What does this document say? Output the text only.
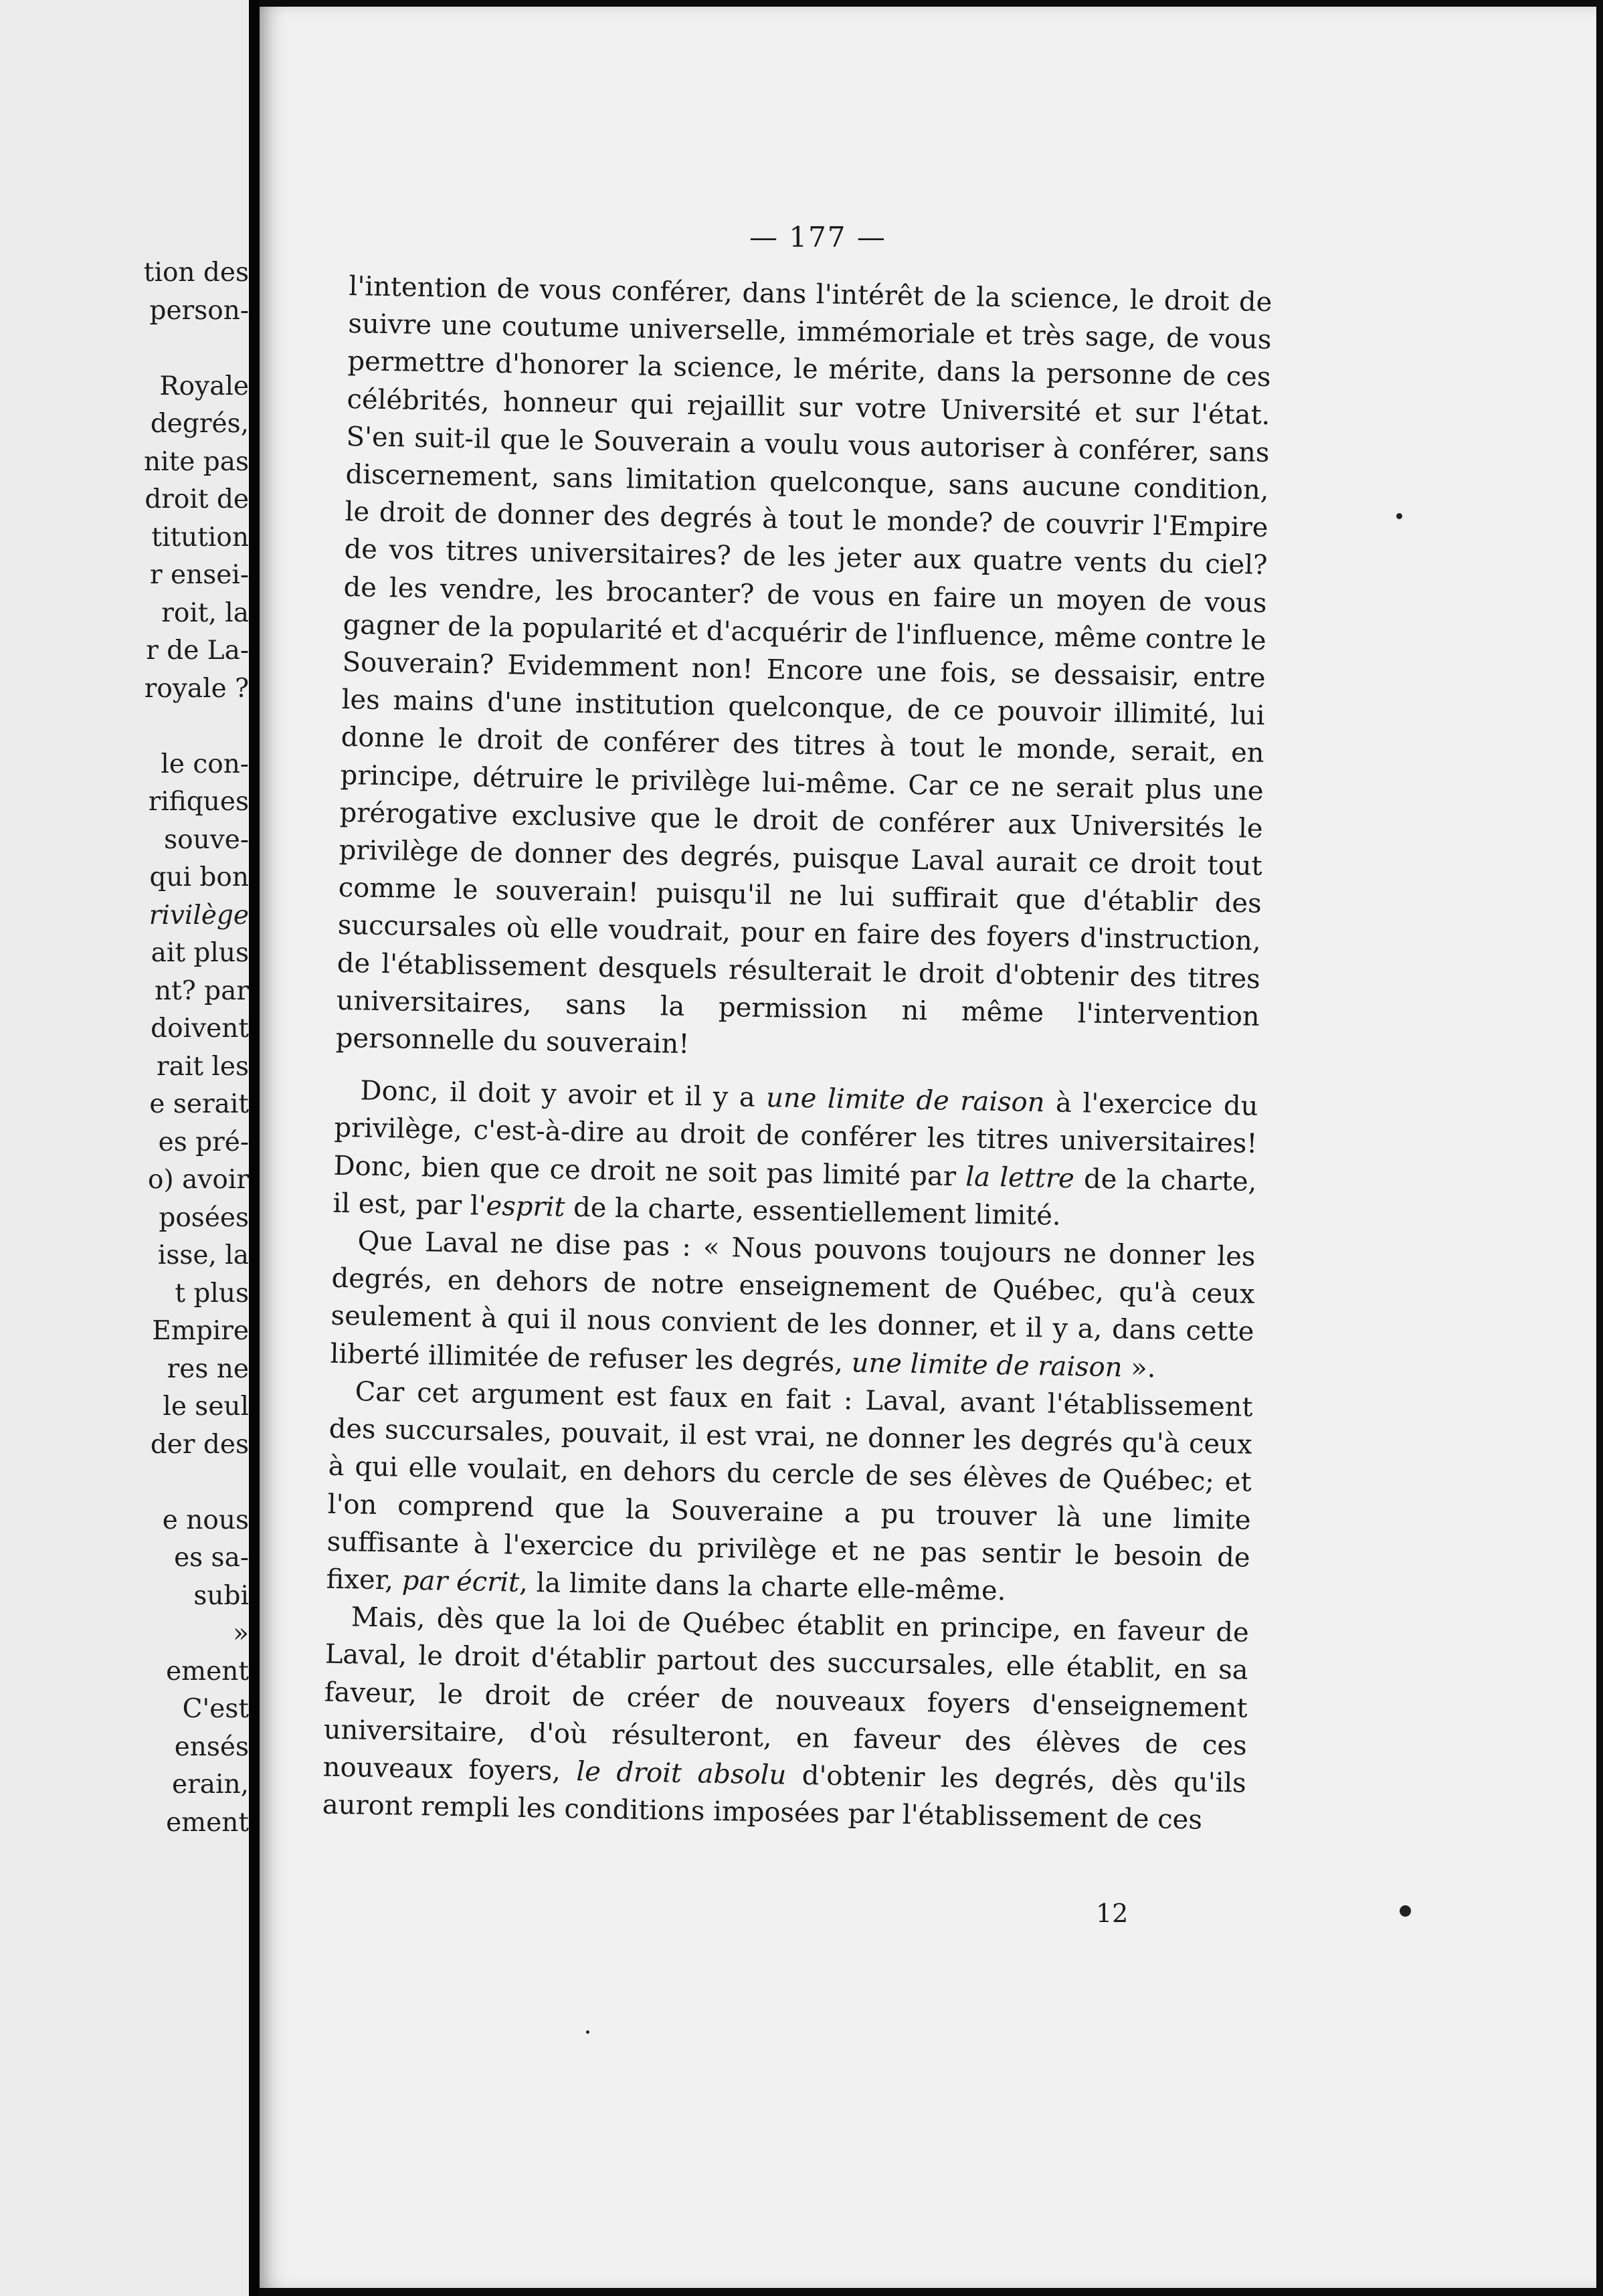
tion des
person-
Royale
degrés,
nite pas
droit de
titution
r ensei-
roit, la
r de La-
royale ?
le con-
rifiques
souve-
qui bon
rivilège
ait plus
nt? par
doivent
rait les
e serait
es pré-
o) avoir
posées
isse, la
t plus
Empire
res ne
le seul
der des
e nous
es sa-
subi
»
ement
C'est
ensés
erain,
ement
— 177 —

l'intention de vous conférer, dans l'intérêt de la science, le droit de suivre une coutume universelle, immémoriale et très sage, de vous permettre d'honorer la science, le mérite, dans la personne de ces célébrités, honneur qui rejaillit sur votre Université et sur l'état. S'en suit-il que le Souverain a voulu vous autoriser à conférer, sans discernement, sans limitation quelconque, sans aucune condition, le droit de donner des degrés à tout le monde? de couvrir l'Empire de vos titres universitaires? de les jeter aux quatre vents du ciel? de les vendre, les brocanter? de vous en faire un moyen de vous gagner de la popularité et d'acquérir de l'influence, même contre le Souverain? Evidemment non! Encore une fois, se dessaisir, entre les mains d'une institution quelconque, de ce pouvoir illimité, lui donne le droit de conférer des titres à tout le monde, serait, en principe, détruire le privilège lui-même. Car ce ne serait plus une prérogative exclusive que le droit de conférer aux Universités le privilège de donner des degrés, puisque Laval aurait ce droit tout comme le souverain! puisqu'il ne lui suffirait que d'établir des succursales où elle voudrait, pour en faire des foyers d'instruction, de l'établissement desquels résulterait le droit d'obtenir des titres universitaires, sans la permission ni même l'intervention personnelle du souverain!

Donc, il doit y avoir et il y a une limite de raison à l'exercice du privilège, c'est-à-dire au droit de conférer les titres universitaires! Donc, bien que ce droit ne soit pas limité par la lettre de la charte, il est, par l'esprit de la charte, essentiellement limité.

Que Laval ne dise pas : « Nous pouvons toujours ne donner les degrés, en dehors de notre enseignement de Québec, qu'à ceux seulement à qui il nous convient de les donner, et il y a, dans cette liberté illimitée de refuser les degrés, une limite de raison ».

Car cet argument est faux en fait : Laval, avant l'établissement des succursales, pouvait, il est vrai, ne donner les degrés qu'à ceux à qui elle voulait, en dehors du cercle de ses élèves de Québec; et l'on comprend que la Souveraine a pu trouver là une limite suffisante à l'exercice du privilège et ne pas sentir le besoin de fixer, par écrit, la limite dans la charte elle-même.

Mais, dès que la loi de Québec établit en principe, en faveur de Laval, le droit d'établir partout des succursales, elle établit, en sa faveur, le droit de créer de nouveaux foyers d'enseignement universitaire, d'où résulteront, en faveur des élèves de ces nouveaux foyers, le droit absolu d'obtenir les degrés, dès qu'ils auront rempli les conditions imposées par l'établissement de ces

12
